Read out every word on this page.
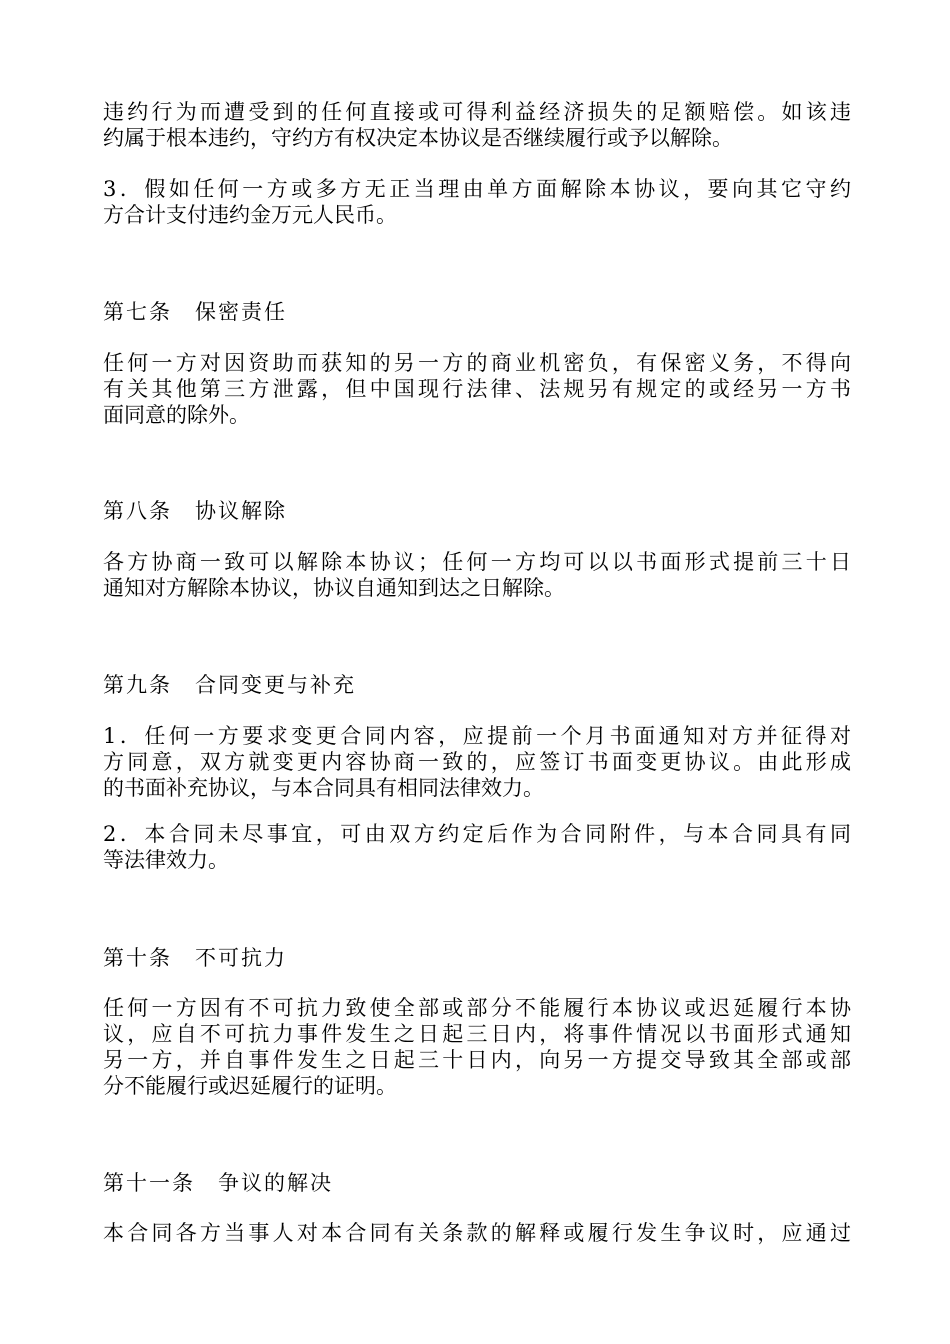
违约行为而遭受到的任何直接或可得利益经济损失的足额赔偿。如该违
约属于根本违约，守约方有权决定本协议是否继续履行或予以解除。
3．假如任何一方或多方无正当理由单方面解除本协议，要向其它守约
方合计支付违约金万元人民币。
第七条　保密责任
任何一方对因资助而获知的另一方的商业机密负，有保密义务，不得向
有关其他第三方泄露，但中国现行法律、法规另有规定的或经另一方书
面同意的除外。
第八条　协议解除
各方协商一致可以解除本协议；任何一方均可以以书面形式提前三十日
通知对方解除本协议，协议自通知到达之日解除。
第九条　合同变更与补充
1．任何一方要求变更合同内容，应提前一个月书面通知对方并征得对
方同意，双方就变更内容协商一致的，应签订书面变更协议。由此形成
的书面补充协议，与本合同具有相同法律效力。
2．本合同未尽事宜，可由双方约定后作为合同附件，与本合同具有同
等法律效力。
第十条　不可抗力
任何一方因有不可抗力致使全部或部分不能履行本协议或迟延履行本协
议，应自不可抗力事件发生之日起三日内，将事件情况以书面形式通知
另一方，并自事件发生之日起三十日内，向另一方提交导致其全部或部
分不能履行或迟延履行的证明。
第十一条　争议的解决
本合同各方当事人对本合同有关条款的解释或履行发生争议时，应通过
